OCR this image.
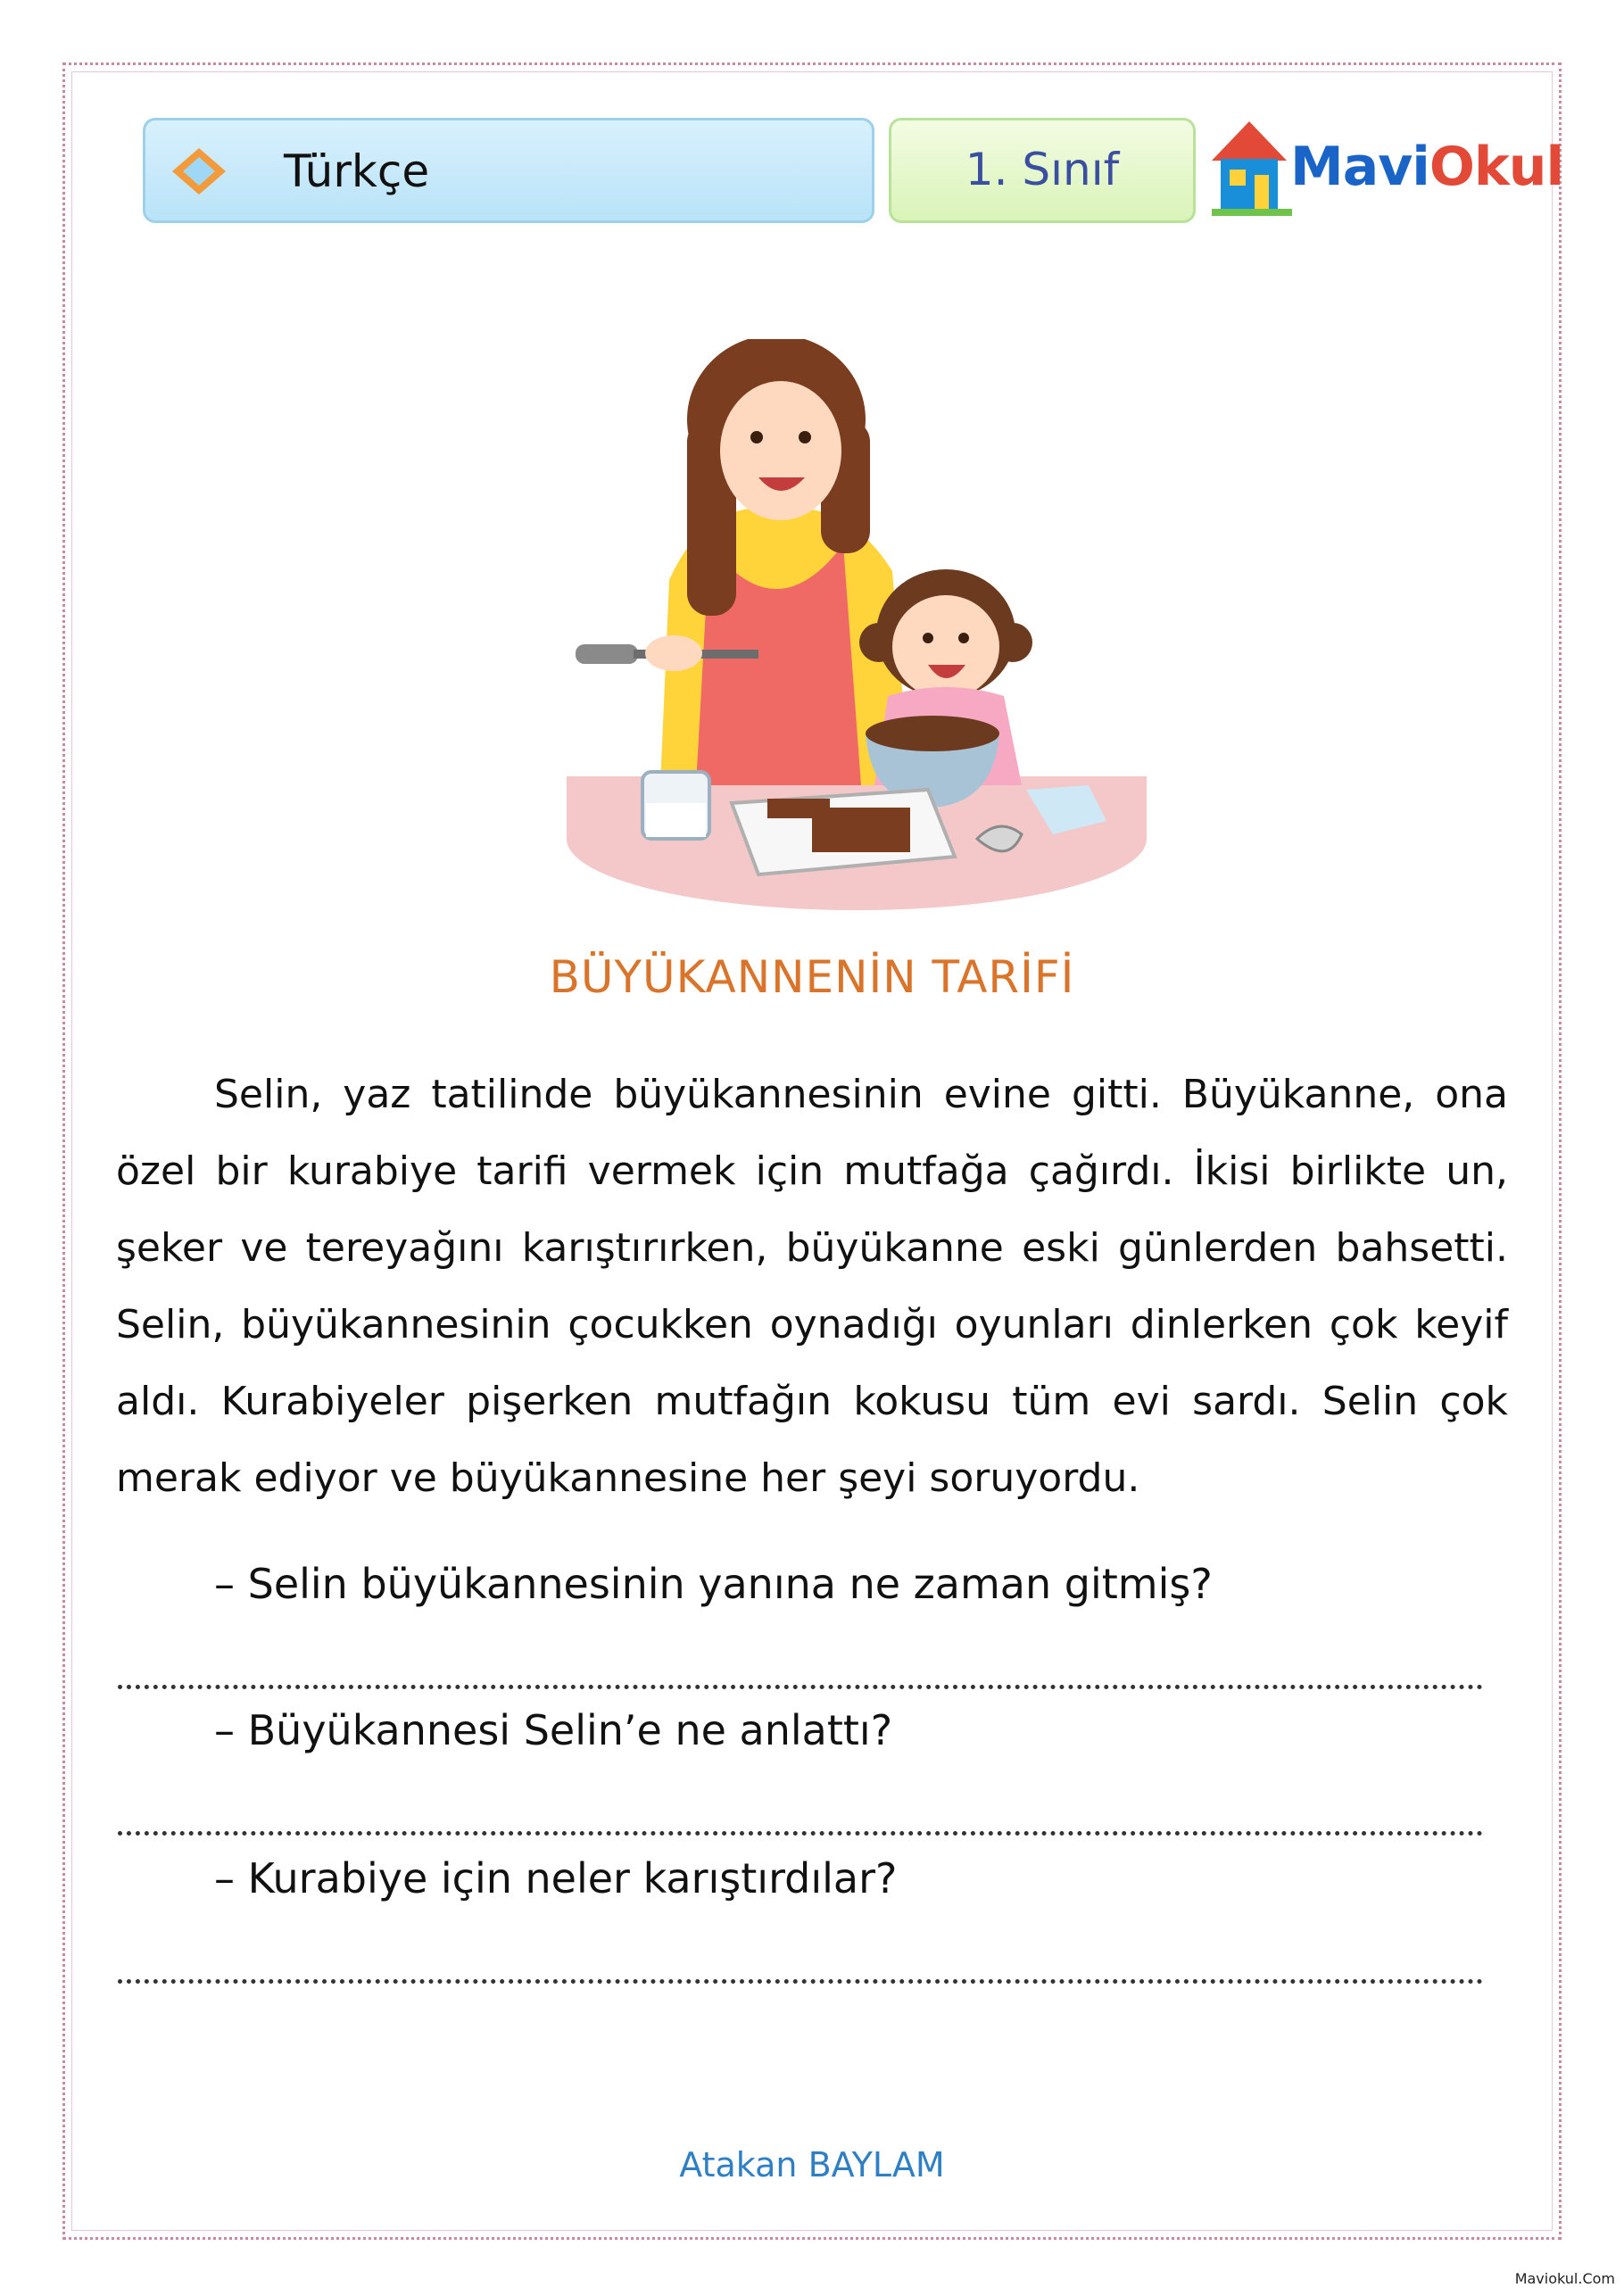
Türkçe	1. Sınıf	MaviOkul
BÜYÜKANNENİN TARİFİ

Selin, yaz tatilinde büyükannesinin evine gitti. Büyükanne, ona özel bir kurabiye tarifi vermek için mutfağa çağırdı. İkisi birlikte un, şeker ve tereyağını karıştırırken, büyükanne eski günlerden bahsetti. Selin, büyükannesinin çocukken oynadığı oyunları dinlerken çok keyif aldı. Kurabiyeler pişerken mutfağın kokusu tüm evi sardı. Selin çok merak ediyor ve büyükannesine her şeyi soruyordu.

– Selin büyükannesinin yanına ne zaman gitmiş?
– Büyükannesi Selin’e ne anlattı?
– Kurabiye için neler karıştırdılar?
Atakan BAYLAM
Maviokul.Com
